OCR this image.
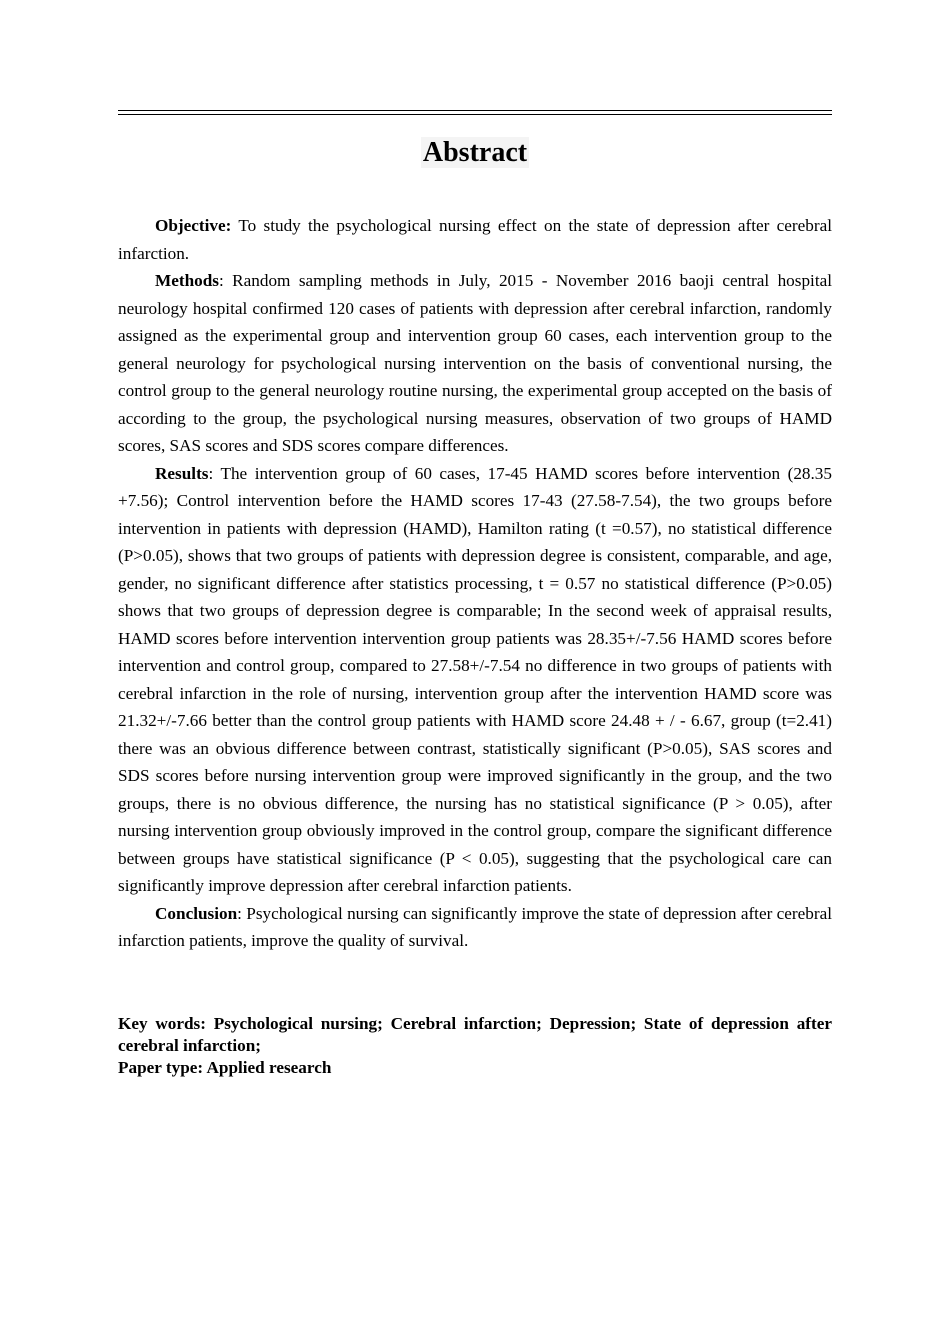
Abstract

Objective: To study the psychological nursing effect on the state of depression after cerebral infarction.

Methods: Random sampling methods in July, 2015 - November 2016 baoji central hospital neurology hospital confirmed 120 cases of patients with depression after cerebral infarction, randomly assigned as the experimental group and intervention group 60 cases, each intervention group to the general neurology for psychological nursing intervention on the basis of conventional nursing, the control group to the general neurology routine nursing, the experimental group accepted on the basis of according to the group, the psychological nursing measures, observation of two groups of HAMD scores, SAS scores and SDS scores compare differences.

Results: The intervention group of 60 cases, 17-45 HAMD scores before intervention (28.35 +7.56); Control intervention before the HAMD scores 17-43 (27.58-7.54), the two groups before intervention in patients with depression (HAMD), Hamilton rating (t =0.57), no statistical difference (P>0.05), shows that two groups of patients with depression degree is consistent, comparable, and age, gender, no significant difference after statistics processing, t = 0.57 no statistical difference (P>0.05) shows that two groups of depression degree is comparable; In the second week of appraisal results, HAMD scores before intervention intervention group patients was 28.35+/-7.56 HAMD scores before intervention and control group, compared to 27.58+/-7.54 no difference in two groups of patients with cerebral infarction in the role of nursing, intervention group after the intervention HAMD score was 21.32+/-7.66 better than the control group patients with HAMD score 24.48 + / - 6.67, group (t=2.41) there was an obvious difference between contrast, statistically significant (P>0.05), SAS scores and SDS scores before nursing intervention group were improved significantly in the group, and the two groups, there is no obvious difference, the nursing has no statistical significance (P > 0.05), after nursing intervention group obviously improved in the control group, compare the significant difference between groups have statistical significance (P < 0.05), suggesting that the psychological care can significantly improve depression after cerebral infarction patients.

Conclusion: Psychological nursing can significantly improve the state of depression after cerebral infarction patients, improve the quality of survival.

Key words: Psychological nursing; Cerebral infarction; Depression; State of depression after cerebral infarction;
Paper type: Applied research
